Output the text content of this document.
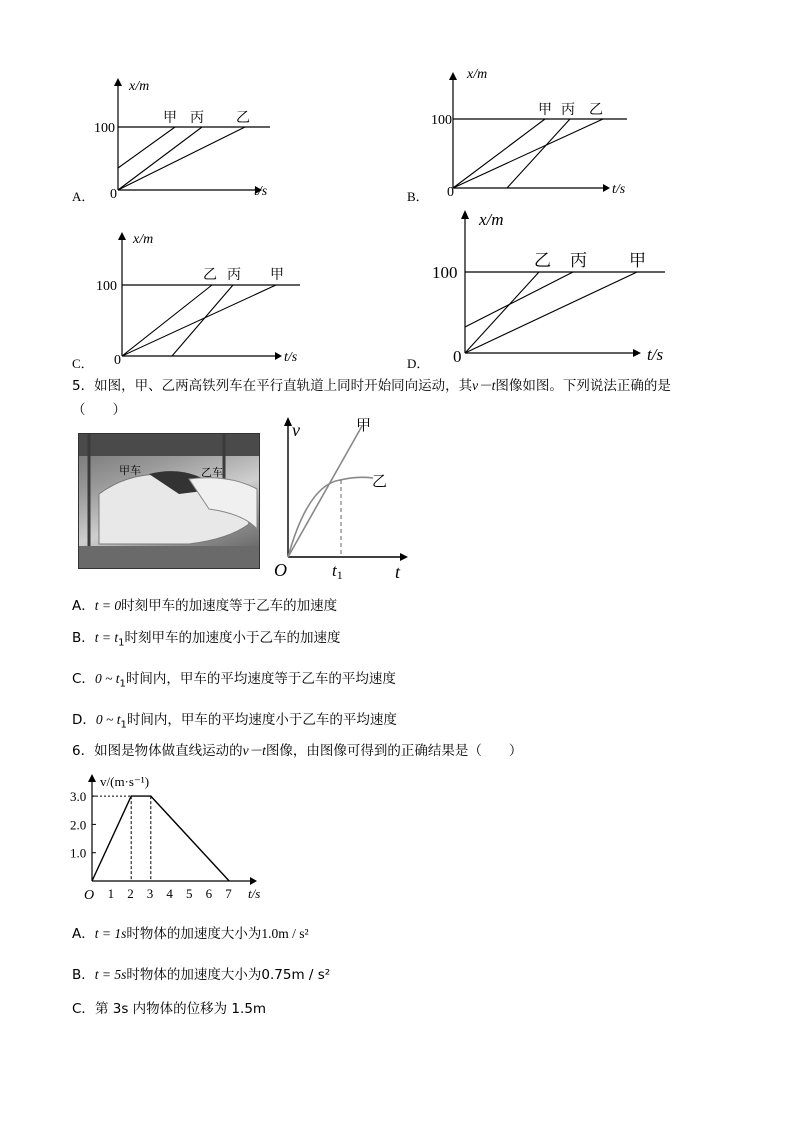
x/m
t/s
100
0
甲 丙 乙
A．
x/m
t/s
100
0
甲 丙 乙
B．
x/m
t/s
100
0
乙 丙 甲
C．
x/m
t/s
100
0
乙 丙 甲
D．
5．如图，甲、乙两高铁列车在平行直轨道上同时开始同向运动，其v－t图像如图。下列说法正确的是
（　　）
甲车	乙车
v
t
O	t1
甲
乙
A．t = 0时刻甲车的加速度等于乙车的加速度
B．$t = t_1$时刻甲车的加速度小于乙车的加速度
C．0 ~ $t_1$时间内，甲车的平均速度等于乙车的平均速度
D．0 ~ $t_1$时间内，甲车的平均速度小于乙车的平均速度
6．如图是物体做直线运动的v－t图像，由图像可得到的正确结果是（　　）
v/(m·s⁻¹)
t/s
O 1 2 3 4 5 6 7
1.0
2.0
3.0
A．t = 1s时物体的加速度大小为1.0m / s²
B．t = 5s时物体的加速度大小为0.75m / s²
C．第 3s 内物体的位移为 1.5m
